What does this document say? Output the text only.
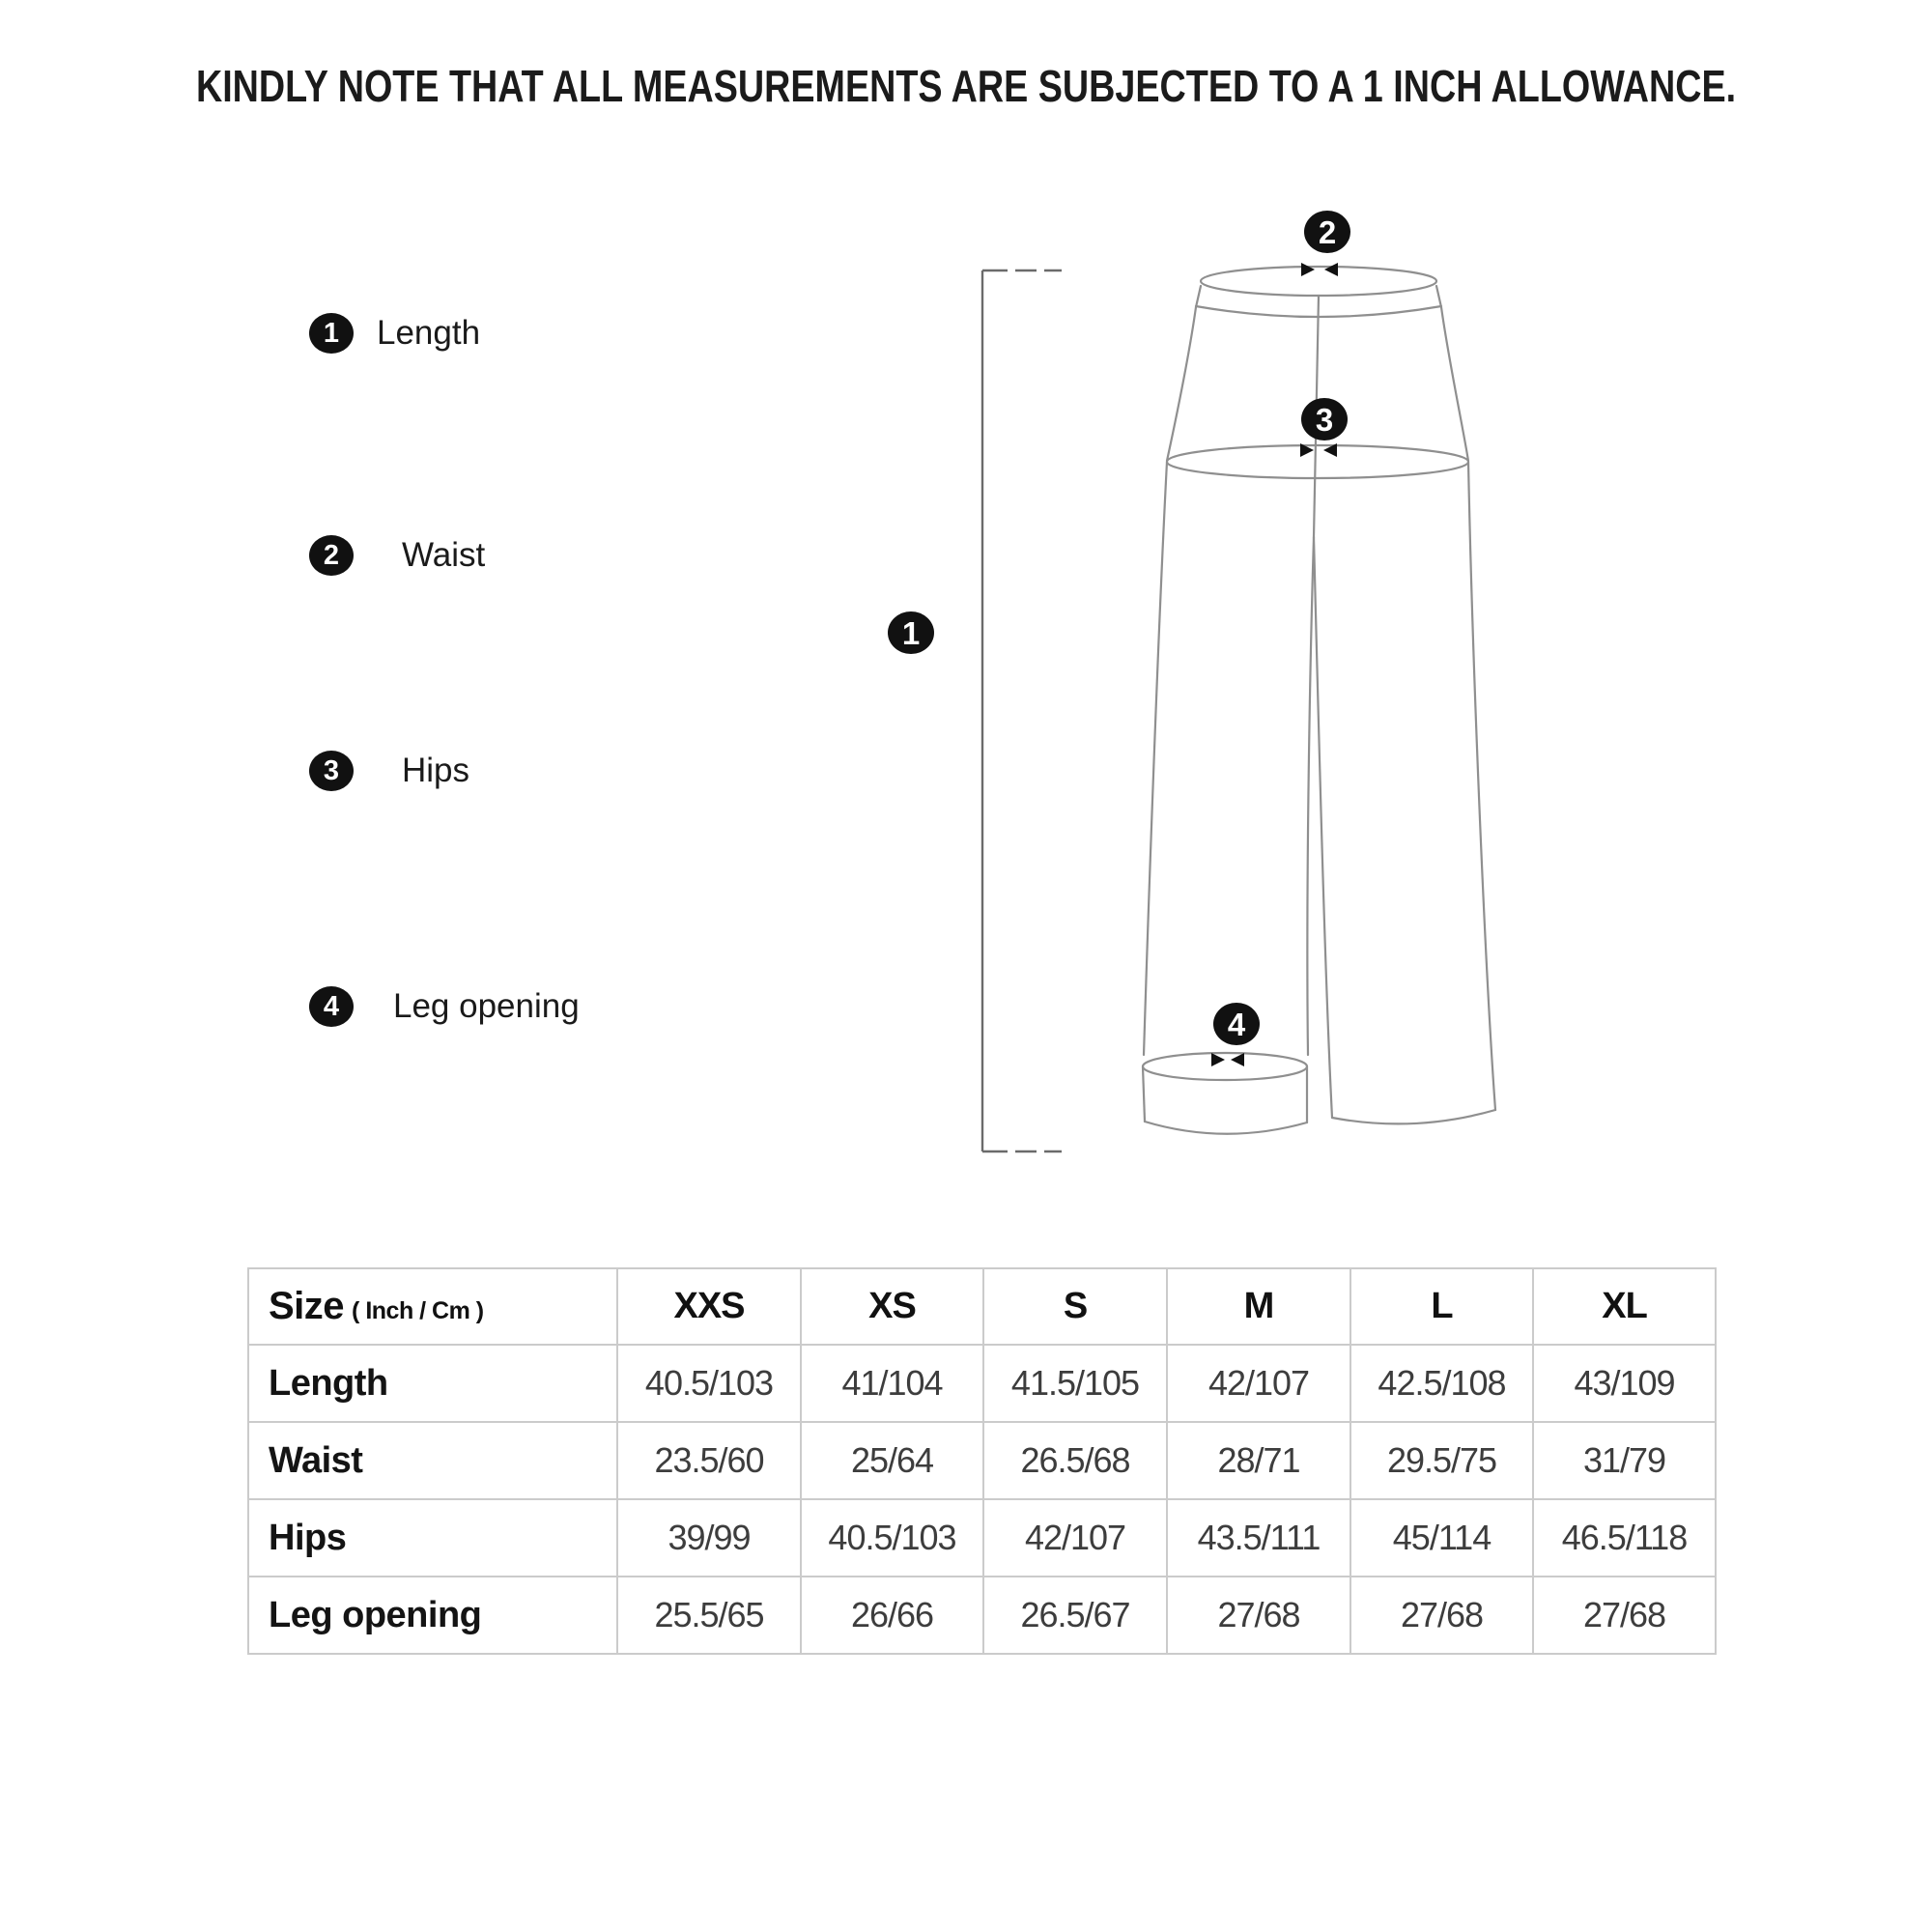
KINDLY NOTE THAT ALL MEASUREMENTS ARE SUBJECTED TO A 1 INCH ALLOWANCE.
1	Length
2	Waist
3	Hips
4	Leg opening
1
2
3
4
Size ( Inch / Cm )	XXS	XS	S	M	L	XL
Length	40.5/103	41/104	41.5/105	42/107	42.5/108	43/109
Waist	23.5/60	25/64	26.5/68	28/71	29.5/75	31/79
Hips	39/99	40.5/103	42/107	43.5/111	45/114	46.5/118
Leg opening	25.5/65	26/66	26.5/67	27/68	27/68	27/68
